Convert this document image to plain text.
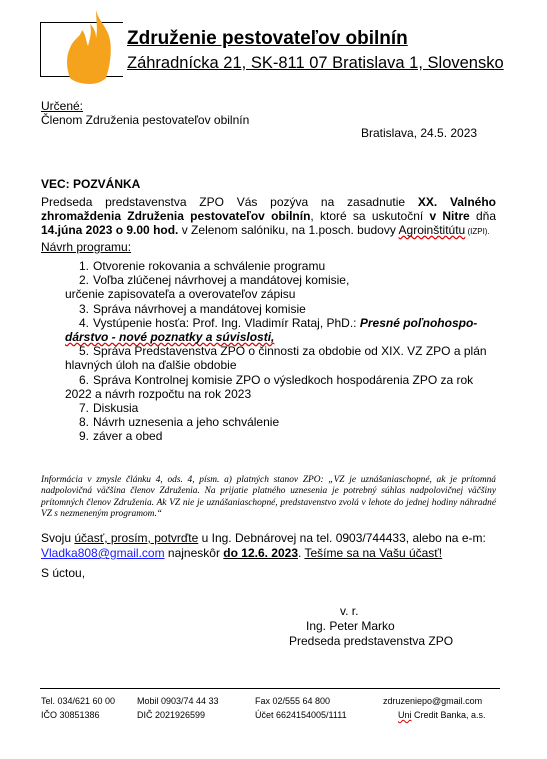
Združenie pestovateľov obilnín
Záhradnícka 21, SK-811 07 Bratislava 1, Slovensko
Určené:
Členom Združenia pestovateľov obilnín
Bratislava, 24.5. 2023
VEC: POZVÁNKA
Predseda predstavenstva ZPO Vás pozýva na zasadnutie XX. Valného zhromaždenia Združenia pestovateľov obilnín, ktoré sa uskutoční v Nitre dňa 14.júna 2023 o 9.00 hod. v Zelenom salóniku, na 1.posch. budovy Agroinštitútu (IZPI).
Návrh programu:
1. Otvorenie rokovania a schválenie programu
2. Voľba zlúčenej návrhovej a mandátovej komisie,
určenie zapisovateľa a overovateľov zápisu
3. Správa návrhovej a mandátovej komisie
4. Vystúpenie hosťa: Prof. Ing. Vladimír Rataj, PhD.: Presné poľnohospo-
dárstvo - nové poznatky a súvislosti,
5. Správa Predstavenstva ZPO o činnosti za obdobie od XIX. VZ ZPO a plán
hlavných úloh na ďalšie obdobie
6. Správa Kontrolnej komisie ZPO o výsledkoch hospodárenia ZPO za rok
2022 a návrh rozpočtu na rok 2023
7. Diskusia
8. Návrh uznesenia a jeho schválenie
9. záver a obed
Informácia v zmysle článku 4, ods. 4, písm. a) platných stanov ZPO: „VZ je uznášaniaschopné, ak je prítomná nadpolovičná väčšina členov Združenia. Na prijatie platného uznesenia je potrebný súhlas nadpolovičnej väčšiny prítomných členov Združenia. Ak VZ nie je uznášaniaschopné, predstavenstvo zvolá v lehote do jednej hodiny náhradné VZ s nezmeneným programom.“
Svoju účasť, prosím, potvrďte u Ing. Debnárovej na tel. 0903/744433, alebo na e-m:
Vladka808@gmail.com najneskôr do 12.6. 2023. Tešíme sa na Vašu účasť!
S úctou,
v. r.
Ing. Peter Marko
Predseda predstavenstva ZPO
Tel. 034/621 60 00
IČO 30851386
Mobil 0903/74 44 33
DIČ 2021926599
Fax 02/555 64 800
Účet 6624154005/1111
zdruzeniepo@gmail.com
Uni Credit Banka, a.s.
